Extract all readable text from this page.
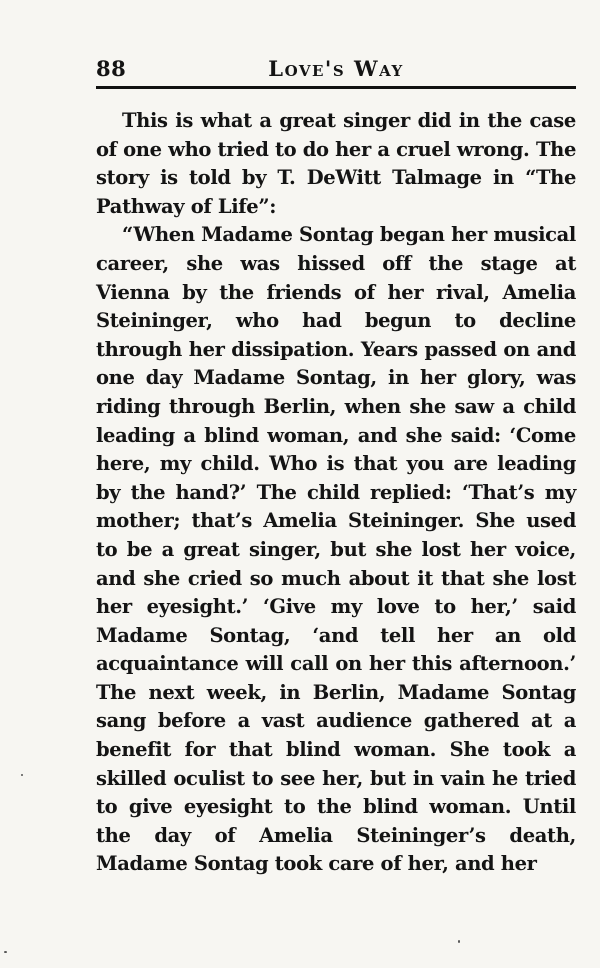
88	Love's Way

This is what a great singer did in the case of one who tried to do her a cruel wrong. The story is told by T. DeWitt Talmage in “The Pathway of Life”:

“When Madame Sontag began her musical career, she was hissed off the stage at Vienna by the friends of her rival, Amelia Steininger, who had begun to decline through her dissipation. Years passed on and one day Madame Sontag, in her glory, was riding through Berlin, when she saw a child leading a blind woman, and she said: ‘Come here, my child. Who is that you are leading by the hand?’ The child replied: ‘That’s my mother; that’s Amelia Steininger. She used to be a great singer, but she lost her voice, and she cried so much about it that she lost her eyesight.’ ‘Give my love to her,’ said Madame Sontag, ‘and tell her an old acquaintance will call on her this afternoon.’ The next week, in Berlin, Madame Sontag sang before a vast audience gathered at a benefit for that blind woman. She took a skilled oculist to see her, but in vain he tried to give eyesight to the blind woman. Until the day of Amelia Steininger’s death, Madame Sontag took care of her, and her
